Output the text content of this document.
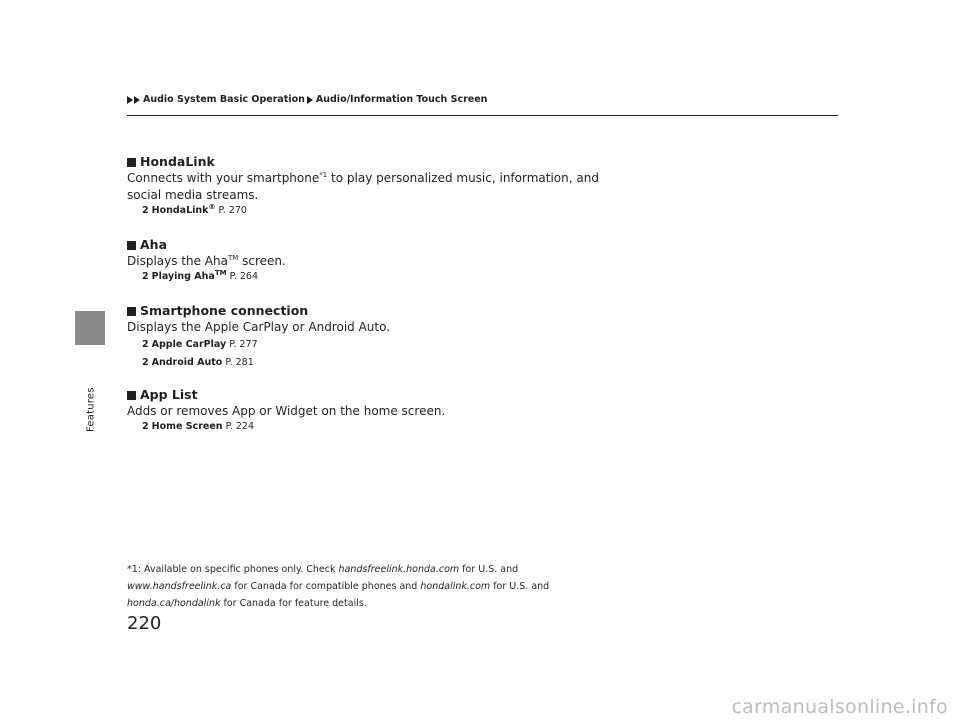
Features
Audio System Basic Operation Audio/Information Touch Screen
HondaLink
Connects with your smartphone$^{*1}$ to play personalized music, information, and
social media streams.
2 HondaLink® P. 270
Aha
Displays the Aha™ screen.
2 Playing Aha™ P. 264
Smartphone connection
Displays the Apple CarPlay or Android Auto.
2 Apple CarPlay P. 277
2 Android Auto P. 281
App List
Adds or removes App or Widget on the home screen.
2 Home Screen P. 224
*1: Available on specific phones only. Check handsfreelink.honda.com for U.S. and
www.handsfreelink.ca for Canada for compatible phones and hondalink.com for U.S. and
honda.ca/hondalink for Canada for feature details.
220
carmanualsonline.info
